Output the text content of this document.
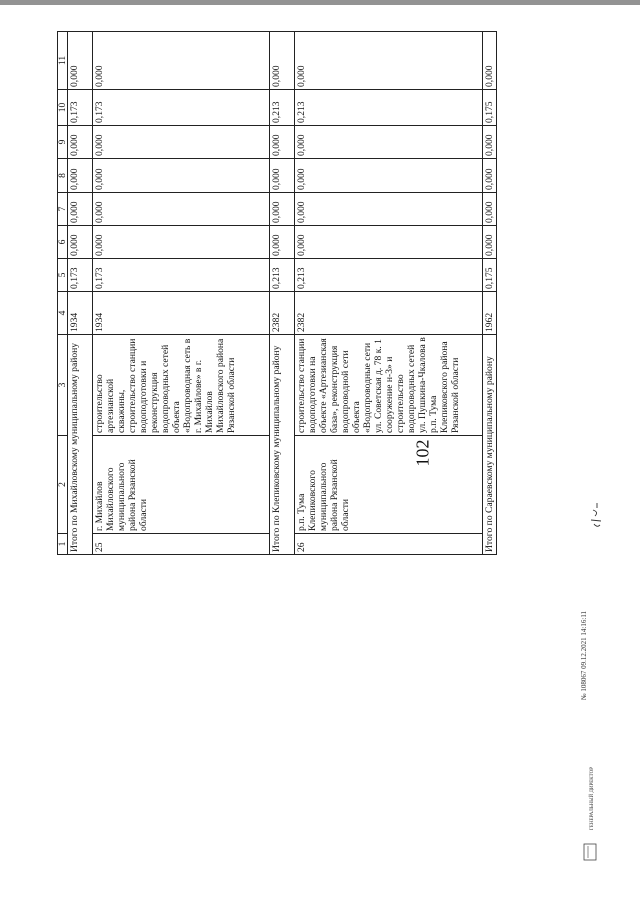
102
1	2	3	4	5	6	7	8	9	10	11
Итого по Михайловскому муниципальному району			1934	0,173	0,000	0,000	0,000	0,000	0,173	0,000
25	г. Михайлов Михайловского муниципального района Рязанской области	строительство артезианской скважины, строительство станции водоподготовки и реконструкция водопроводных сетей объекта «Водопроводная сеть в г. Михайлове» в г. Михайлов Михайловского района Рязанской области	1934	0,173	0,000	0,000	0,000	0,000	0,173	0,000
Итого по Клепиковскому муниципальному району			2382	0,213	0,000	0,000	0,000	0,000	0,213	0,000
26	р.п. Тума Клепиковского муниципального района Рязанской области	строительство станции водоподготовки на объекте «Артезианская база», реконструкция водопроводной сети объекта «Водопроводные сети ул. Советская д. 78 к. 1 сооружение н-3» и строительство водопроводных сетей ул. Пушкина-Чкалова в р.п. Тума Клепиковского района Рязанской области	2382	0,213	0,000	0,000	0,000	0,000	0,213	0,000
Итого по Сараевскому муниципальному району			1962	0,175	0,000	0,000	0,000	0,000	0,175	0,000
№ 108067 09.12.2021 14:16:11
ГЕНЕРАЛЬНЫЙ ДИРЕКТОР
